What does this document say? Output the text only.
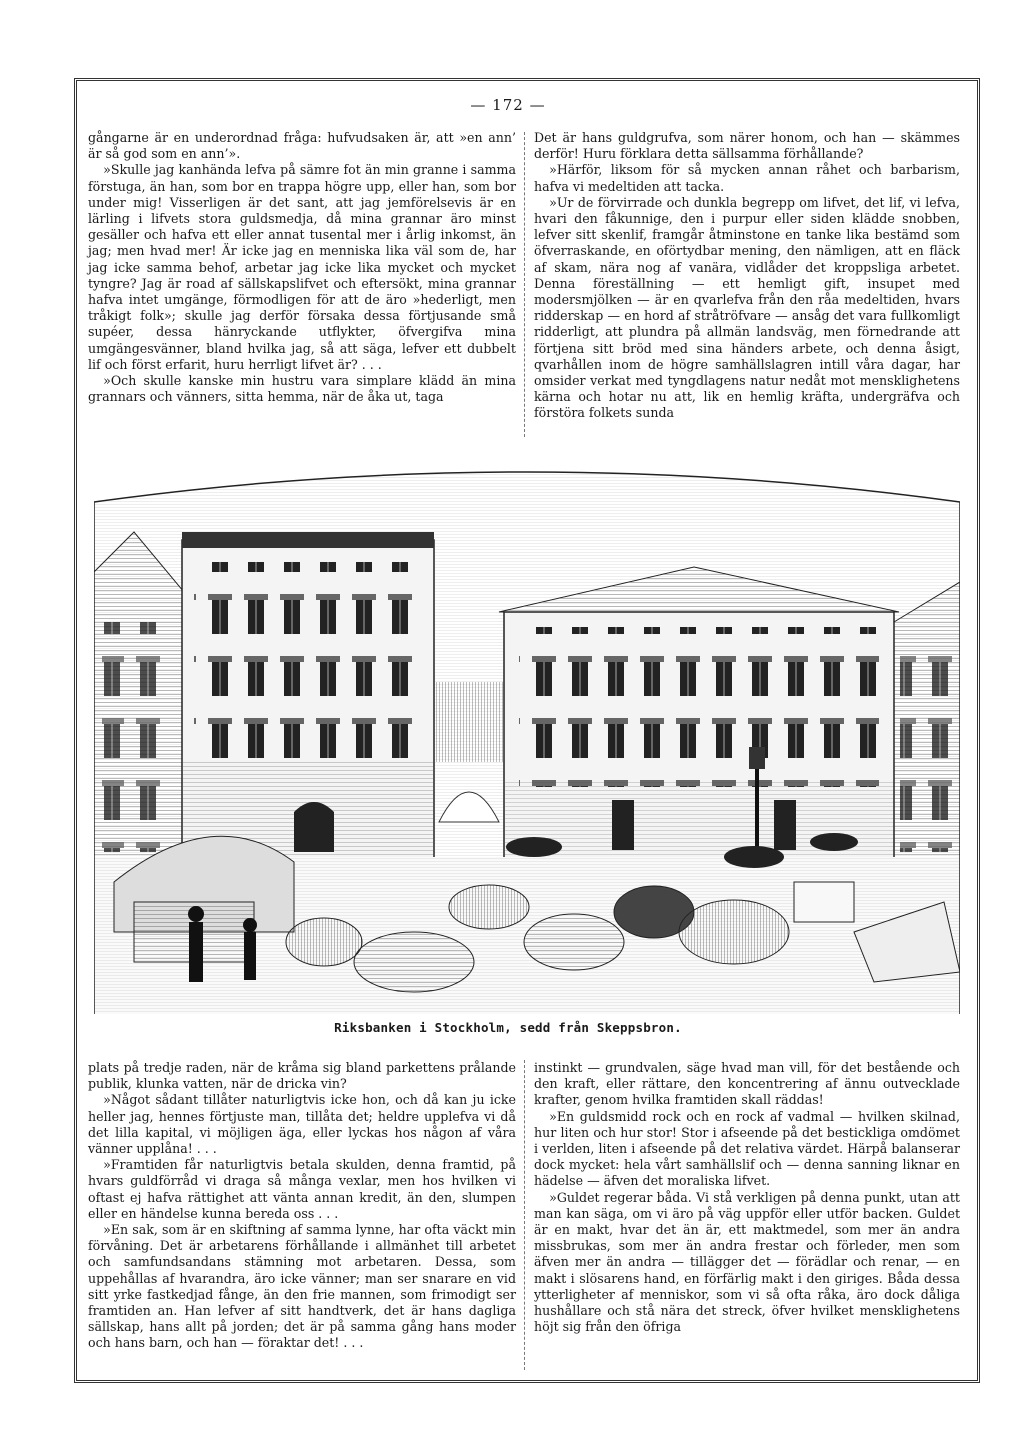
— 172 —

gångarne är en underordnad fråga: hufvudsaken är, att »en ann’ är så god som en ann’».

»Skulle jag kanhända lefva på sämre fot än min granne i samma förstuga, än han, som bor en trappa högre upp, eller han, som bor under mig! Visserligen är det sant, att jag jemförelsevis är en lärling i lifvets stora guldsmedja, då mina grannar äro minst gesäller och hafva ett eller annat tusental mer i årlig inkomst, än jag; men hvad mer! Är icke jag en menniska lika väl som de, har jag icke samma behof, arbetar jag icke lika mycket och mycket tyngre? Jag är road af sällskapslifvet och eftersökt, mina grannar hafva intet umgänge, förmodligen för att de äro »hederligt, men tråkigt folk»; skulle jag derför försaka dessa förtjusande små supéer, dessa hänryckande utflykter, öfvergifva mina umgängesvänner, bland hvilka jag, så att säga, lefver ett dubbelt lif och först erfarit, huru herrligt lifvet är? . . .

»Och skulle kanske min hustru vara simplare klädd än mina grannars och vänners, sitta hemma, när de åka ut, taga

Det är hans guldgrufva, som närer honom, och han — skämmes derför! Huru förklara detta sällsamma förhållande?

»Härför, liksom för så mycken annan råhet och barbarism, hafva vi medeltiden att tacka.

»Ur de förvirrade och dunkla begrepp om lifvet, det lif, vi lefva, hvari den fåkunnige, den i purpur eller siden klädde snobben, lefver sitt skenlif, framgår åtminstone en tanke lika bestämd som öfverraskande, en oförtydbar mening, den nämligen, att en fläck af skam, nära nog af vanära, vidlåder det kroppsliga arbetet. Denna föreställning — ett hemligt gift, insupet med modersmjölken — är en qvarlefva från den råa medeltiden, hvars ridderskap — en hord af stråtröfvare — ansåg det vara fullkomligt ridderligt, att plundra på allmän landsväg, men förnedrande att förtjena sitt bröd med sina händers arbete, och denna åsigt, qvarhållen inom de högre samhällslagren intill våra dagar, har omsider verkat med tyngdlagens natur nedåt mot mensklighetens kärna och hotar nu att, lik en hemlig kräfta, undergräfva och förstöra folkets sunda

Riksbanken i Stockholm, sedd från Skeppsbron.

plats på tredje raden, när de kråma sig bland parkettens prålande publik, klunka vatten, när de dricka vin?

»Något sådant tillåter naturligtvis icke hon, och då kan ju icke heller jag, hennes förtjuste man, tillåta det; heldre upplefva vi då det lilla kapital, vi möjligen äga, eller lyckas hos någon af våra vänner upplåna! . . .

»Framtiden får naturligtvis betala skulden, denna framtid, på hvars guldförråd vi draga så många vexlar, men hos hvilken vi oftast ej hafva rättighet att vänta annan kredit, än den, slumpen eller en händelse kunna bereda oss . . .

»En sak, som är en skiftning af samma lynne, har ofta väckt min förvåning. Det är arbetarens förhållande i allmänhet till arbetet och samfundsandans stämning mot arbetaren. Dessa, som uppehållas af hvarandra, äro icke vänner; man ser snarare en vid sitt yrke fastkedjad fånge, än den frie mannen, som frimodigt ser framtiden an. Han lefver af sitt handtverk, det är hans dagliga sällskap, hans allt på jorden; det är på samma gång hans moder och hans barn, och han — föraktar det! . . .

instinkt — grundvalen, säge hvad man vill, för det bestående och den kraft, eller rättare, den koncentrering af ännu outvecklade krafter, genom hvilka framtiden skall räddas!

»En guldsmidd rock och en rock af vadmal — hvilken skilnad, hur liten och hur stor! Stor i afseende på det bestickliga omdömet i verlden, liten i afseende på det relativa värdet. Härpå balanserar dock mycket: hela vårt samhällslif och — denna sanning liknar en hädelse — äfven det moraliska lifvet.

»Guldet regerar båda. Vi stå verkligen på denna punkt, utan att man kan säga, om vi äro på väg uppför eller utför backen. Guldet är en makt, hvar det än är, ett maktmedel, som mer än andra missbrukas, som mer än andra frestar och förleder, men som äfven mer än andra — tillägger det — förädlar och renar, — en makt i slösarens hand, en förfärlig makt i den giriges. Båda dessa ytterligheter af menniskor, som vi så ofta råka, äro dock dåliga hushållare och stå nära det streck, öfver hvilket mensklighetens höjt sig från den öfriga
